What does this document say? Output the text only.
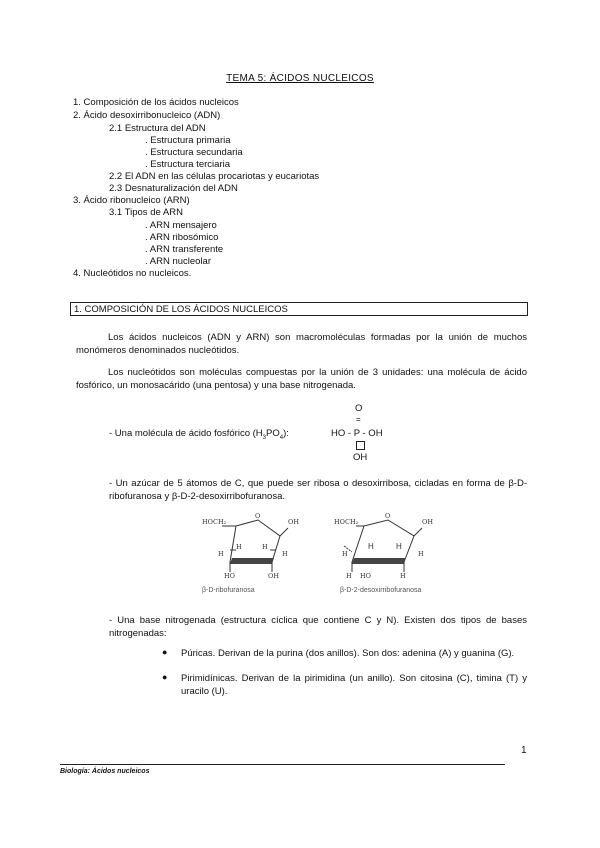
TEMA 5: ÁCIDOS NUCLEICOS
1. Composición de los ácidos nucleicos
2. Ácido desoxirribonucleico (ADN)
2.1 Estructura del ADN
. Estructura primaria
. Estructura secundaria
. Estructura terciaria
2.2 El ADN en las células procariotas y eucariotas
2.3 Desnaturalización del ADN
3. Ácido ribonucleico (ARN)
3.1 Tipos de ARN
. ARN mensajero
. ARN ribosómico
. ARN transferente
. ARN nucleolar
4. Nucleótidos no nucleicos.
1. COMPOSICIÓN DE LOS ÁCIDOS NUCLEICOS
Los ácidos nucleicos (ADN y ARN) son macromoléculas formadas por la unión de muchos monómeros denominados nucleótidos.
Los nucleótidos son moléculas compuestas por la unión de 3 unidades: una molécula de ácido fosfórico, un monosacárido (una pentosa) y una base nitrogenada.
- Una molécula de ácido fosfórico $(H_3PO_4)$:
O
=
HO - P - OH
OH
- Un azúcar de 5 átomos de C, que puede ser ribosa o desoxirribosa, cicladas en forma de β-D-ribofuranosa y β-D-2-desoxirribofuranosa.
HOCH₂
O
OH
H
H	H
H
HO	OH
β-D-ribofuranosa
HOCH₂
O
OH
H
H	H
H
H HO	H
β-D-2-desoxirribofuranosa
- Una base nitrogenada (estructura cíclica que contiene C y N). Existen dos tipos de bases nitrogenadas:
● Púricas. Derivan de la purina (dos anillos). Son dos: adenina (A) y guanina (G).
● Pirimidínicas. Derivan de la pirimidina (un anillo). Son citosina (C), timina (T) y uracilo (U).
1
Biología: Ácidos nucleicos
